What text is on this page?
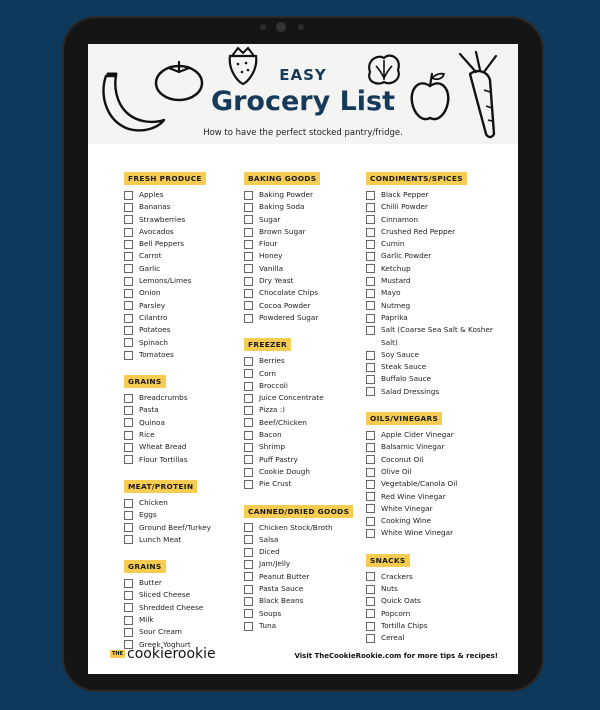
EASY
Grocery List
How to have the perfect stocked pantry/fridge.
FRESH PRODUCE
Apples
Bananas
Strawberries
Avocados
Bell Peppers
Carrot
Garlic
Lemons/Limes
Onion
Parsley
Cilantro
Potatoes
Spinach
Tomatoes
GRAINS
Breadcrumbs
Pasta
Quinoa
Rice
Wheat Bread
Flour Tortillas
MEAT/PROTEIN
Chicken
Eggs
Ground Beef/Turkey
Lunch Meat
GRAINS
Butter
Sliced Cheese
Shredded Cheese
Milk
Sour Cream
Greek Yoghurt
BAKING GOODS
Baking Powder
Baking Soda
Sugar
Brown Sugar
Flour
Honey
Vanilla
Dry Yeast
Chocolate Chips
Cocoa Powder
Powdered Sugar
FREEZER
Berries
Corn
Broccoli
Juice Concentrate
Pizza :)
Beef/Chicken
Bacon
Shrimp
Puff Pastry
Cookie Dough
Pie Crust
CANNED/DRIED GOODS
Chicken Stock/Broth
Salsa
Diced
Jam/Jelly
Peanut Butter
Pasta Sauce
Black Beans
Soups
Tuna
CONDIMENTS/SPICES
Black Pepper
Chilli Powder
Cinnamon
Crushed Red Pepper
Cumin
Garlic Powder
Ketchup
Mustard
Mayo
Nutmeg
Paprika
Salt (Coarse Sea Salt & Kosher Salt)
Soy Sauce
Steak Sauce
Buffalo Sauce
Salad Dressings
OILS/VINEGARS
Apple Cider Vinegar
Balsamic Vinegar
Coconut Oil
Olive Oil
Vegetable/Canola Oil
Red Wine Vinegar
White Vinegar
Cooking Wine
White Wine Vinegar
SNACKS
Crackers
Nuts
Quick Oats
Popcorn
Tortilla Chips
Cereal
THE cookierookie	Visit TheCookieRookie.com for more tips & recipes!
